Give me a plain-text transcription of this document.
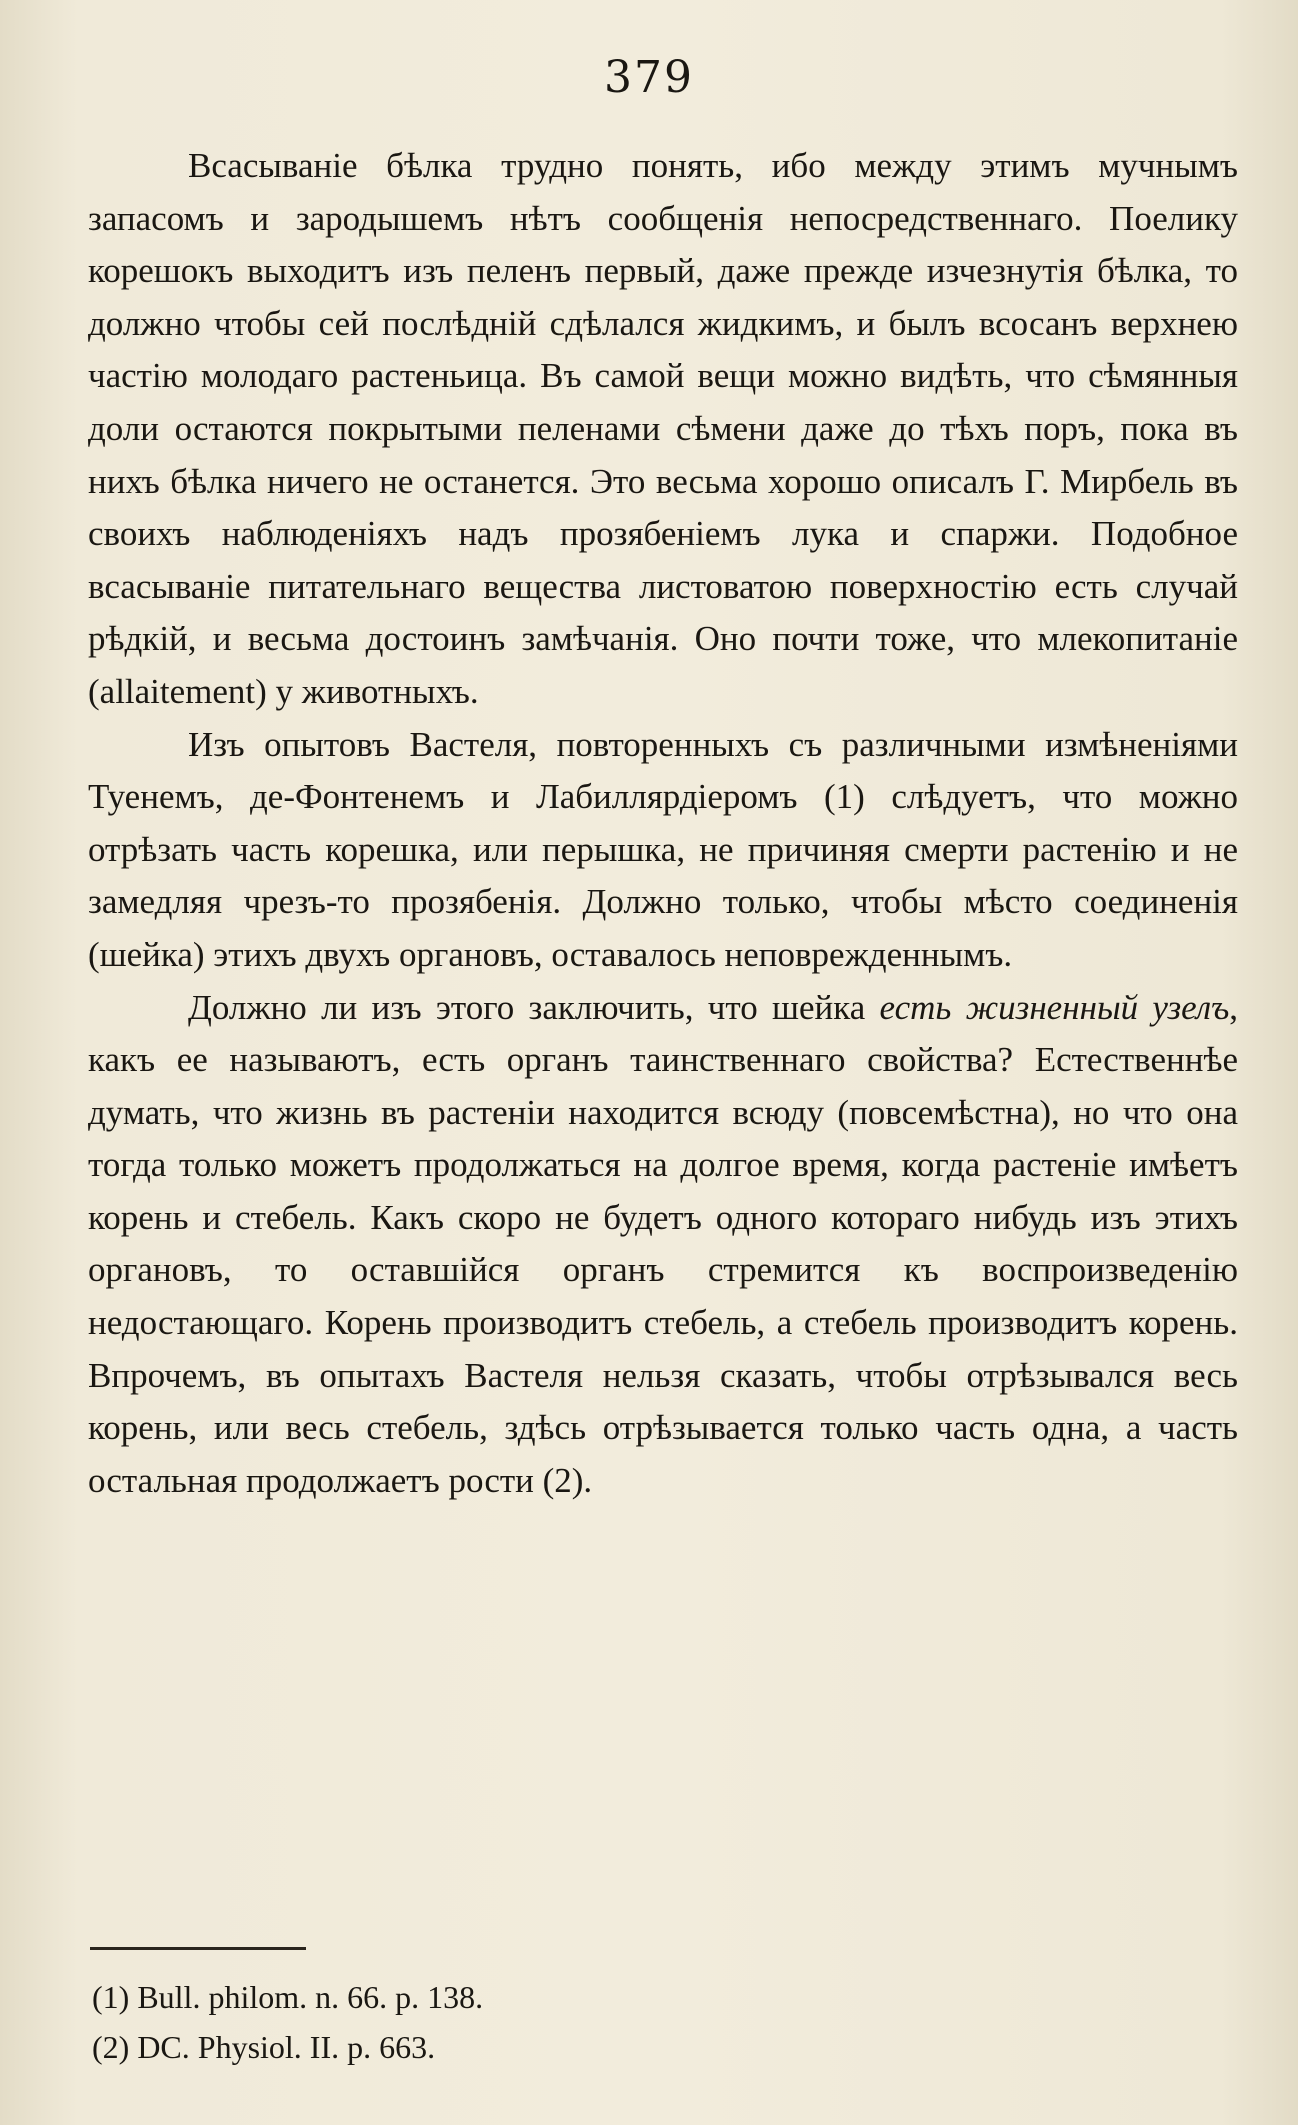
379

Всасываніе бѣлка трудно понять, ибо между этимъ мучнымъ запасомъ и зародышемъ нѣтъ сообщенія непосредственнаго. Поелику корешокъ выходитъ изъ пеленъ первый, даже прежде изчезнутія бѣлка, то должно чтобы сей послѣдній сдѣлался жидкимъ, и былъ всосанъ верхнею частію молодаго растеньица. Въ самой вещи можно видѣть, что сѣмянныя доли остаются покрытыми пеленами сѣмени даже до тѣхъ поръ, пока въ нихъ бѣлка ничего не останется. Это весьма хорошо описалъ Г. Мирбель въ своихъ наблюденіяхъ надъ прозябеніемъ лука и спаржи. Подобное всасываніе питательнаго вещества листоватою поверхностію есть случай рѣдкій, и весьма достоинъ замѣчанія. Оно почти тоже, что млекопитаніе (allaitement) у животныхъ.

Изъ опытовъ Вастеля, повторенныхъ съ различными измѣненіями Туенемъ, де-Фонтенемъ и Лабиллярдіеромъ (1) слѣдуетъ, что можно отрѣзать часть корешка, или перышка, не причиняя смерти растенію и не замедляя чрезъ-то прозябенія. Должно только, чтобы мѣсто соединенія (шейка) этихъ двухъ органовъ, оставалось неповрежденнымъ.

Должно ли изъ этого заключить, что шейка есть жизненный узелъ, какъ ее называютъ, есть органъ таинственнаго свойства? Естественнѣе думать, что жизнь въ растеніи находится всюду (повсемѣстна), но что она тогда только можетъ продолжаться на долгое время, когда растеніе имѣетъ корень и стебель. Какъ скоро не будетъ одного котораго нибудь изъ этихъ органовъ, то оставшійся органъ стремится къ воспроизведенію недостающаго. Корень производитъ стебель, а стебель производитъ корень. Впрочемъ, въ опытахъ Вастеля нельзя сказать, чтобы отрѣзывался весь корень, или весь стебель, здѣсь отрѣзывается только часть одна, а часть остальная продолжаетъ рости (2).

(1) Bull. philom. n. 66. p. 138.

(2) DC. Physiol. II. p. 663.
